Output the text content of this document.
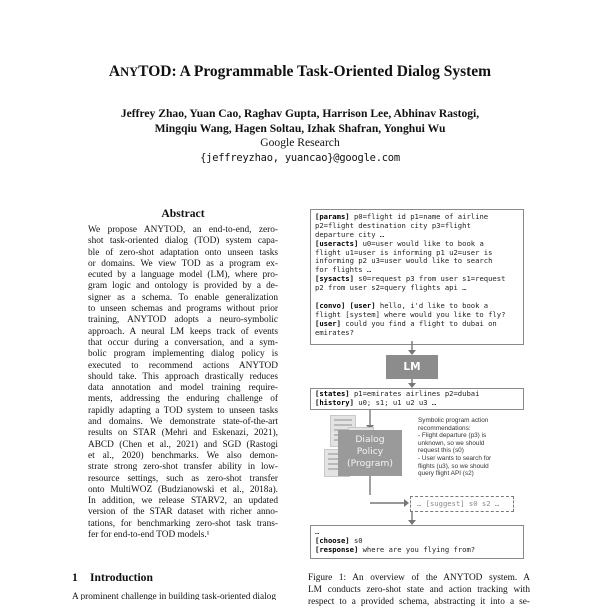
ANYTOD: A Programmable Task-Oriented Dialog System
Jeffrey Zhao, Yuan Cao, Raghav Gupta, Harrison Lee, Abhinav Rastogi,
Mingqiu Wang, Hagen Soltau, Izhak Shafran, Yonghui Wu
Google Research
{jeffreyzhao, yuancao}@google.com
Abstract
We propose ANYTOD, an end-to-end, zero-
shot task-oriented dialog (TOD) system capa-
ble of zero-shot adaptation onto unseen tasks
or domains. We view TOD as a program ex-
ecuted by a language model (LM), where pro-
gram logic and ontology is provided by a de-
signer as a schema. To enable generalization
to unseen schemas and programs without prior
training, ANYTOD adopts a neuro-symbolic
approach. A neural LM keeps track of events
that occur during a conversation, and a sym-
bolic program implementing dialog policy is
executed to recommend actions ANYTOD
should take. This approach drastically reduces
data annotation and model training require-
ments, addressing the enduring challenge of
rapidly adapting a TOD system to unseen tasks
and domains. We demonstrate state-of-the-art
results on STAR (Mehri and Eskenazi, 2021),
ABCD (Chen et al., 2021) and SGD (Rastogi
et al., 2020) benchmarks. We also demon-
strate strong zero-shot transfer ability in low-
resource settings, such as zero-shot transfer
onto MultiWOZ (Budzianowski et al., 2018a).
In addition, we release STARV2, an updated
version of the STAR dataset with richer anno-
tations, for benchmarking zero-shot task trans-
fer for end-to-end TOD models.¹
1 Introduction
A prominent challenge in building task-oriented dialog
[params] p0=flight id p1=name of airline
p2=flight destination city p3=flight
departure city …
[useracts] u0=user would like to book a
flight u1=user is informing p1 u2=user is
informing p2 u3=user would like to search
for flights …
[sysacts] s0=request p3 from user s1=request
p2 from user s2=query flights api …

[convo] [user] hello, i'd like to book a
flight [system] where would you like to fly?
[user] could you find a flight to dubai on
emirates?
LM
[states] p1=emirates airlines p2=dubai
[history] u0; s1; u1 u2 u3 …
Dialog
Policy
(Program)
Symbolic program action
recommendations:
- Flight departure (p3) is
unknown, so we should
request this (s0)
- User wants to search for
flights (u3), so we should
query flight API (s2)
… [suggest] s0 s2 …
…
[choose] s0
[response] where are you flying from?
Figure 1: An overview of the ANYTOD system. A
LM conducts zero-shot state and action tracking with
respect to a provided schema, abstracting it into a se-
